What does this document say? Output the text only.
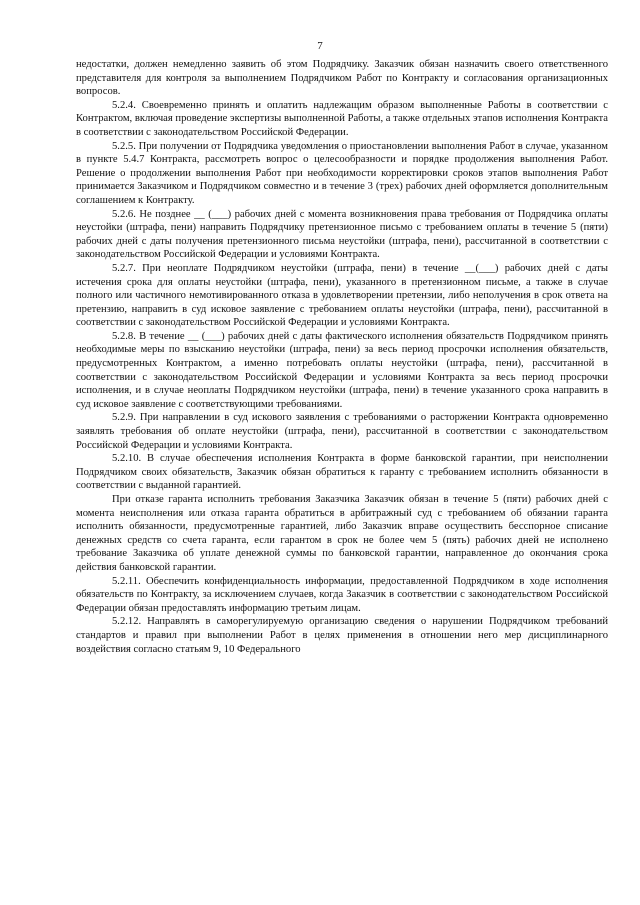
7

недостатки, должен немедленно заявить об этом Подрядчику. Заказчик обязан назначить своего ответственного представителя для контроля за выполнением Подрядчиком Работ по Контракту и согласования организационных вопросов.

5.2.4. Своевременно принять и оплатить надлежащим образом выполненные Работы в соответствии с Контрактом, включая проведение экспертизы выполненной Работы, а также отдельных этапов исполнения Контракта в соответствии с законодательством Российской Федерации.

5.2.5. При получении от Подрядчика уведомления о приостановлении выполнения Работ в случае, указанном в пункте 5.4.7 Контракта, рассмотреть вопрос о целесообразности и порядке продолжения выполнения Работ. Решение о продолжении выполнения Работ при необходимости корректировки сроков этапов выполнения Работ принимается Заказчиком и Подрядчиком совместно и в течение 3 (трех) рабочих дней оформляется дополнительным соглашением к Контракту.

5.2.6. Не позднее __ (___) рабочих дней с момента возникновения права требования от Подрядчика оплаты неустойки (штрафа, пени) направить Подрядчику претензионное письмо с требованием оплаты в течение 5 (пяти) рабочих дней с даты получения претензионного письма неустойки (штрафа, пени), рассчитанной в соответствии с законодательством Российской Федерации и условиями Контракта.

5.2.7. При неоплате Подрядчиком неустойки (штрафа, пени) в течение __(___) рабочих дней с даты истечения срока для оплаты неустойки (штрафа, пени), указанного в претензионном письме, а также в случае полного или частичного немотивированного отказа в удовлетворении претензии, либо неполучения в срок ответа на претензию, направить в суд исковое заявление с требованием оплаты неустойки (штрафа, пени), рассчитанной в соответствии с законодательством Российской Федерации и условиями Контракта.

5.2.8. В течение __ (___) рабочих дней с даты фактического исполнения обязательств Подрядчиком принять необходимые меры по взысканию неустойки (штрафа, пени) за весь период просрочки исполнения обязательств, предусмотренных Контрактом, а именно потребовать оплаты неустойки (штрафа, пени), рассчитанной в соответствии с законодательством Российской Федерации и условиями Контракта за весь период просрочки исполнения, и в случае неоплаты Подрядчиком неустойки (штрафа, пени) в течение указанного срока направить в суд исковое заявление с соответствующими требованиями.

5.2.9. При направлении в суд искового заявления с требованиями о расторжении Контракта одновременно заявлять требования об оплате неустойки (штрафа, пени), рассчитанной в соответствии с законодательством Российской Федерации и условиями Контракта.

5.2.10. В случае обеспечения исполнения Контракта в форме банковской гарантии, при неисполнении Подрядчиком своих обязательств, Заказчик обязан обратиться к гаранту с требованием исполнить обязанности в соответствии с выданной гарантией.

При отказе гаранта исполнить требования Заказчика Заказчик обязан в течение 5 (пяти) рабочих дней с момента неисполнения или отказа гаранта обратиться в арбитражный суд с требованием об обязании гаранта исполнить обязанности, предусмотренные гарантией, либо Заказчик вправе осуществить бесспорное списание денежных средств со счета гаранта, если гарантом в срок не более чем 5 (пять) рабочих дней не исполнено требование Заказчика об уплате денежной суммы по банковской гарантии, направленное до окончания срока действия банковской гарантии.

5.2.11. Обеспечить конфиденциальность информации, предоставленной Подрядчиком в ходе исполнения обязательств по Контракту, за исключением случаев, когда Заказчик в соответствии с законодательством Российской Федерации обязан предоставлять информацию третьим лицам.

5.2.12. Направлять в саморегулируемую организацию сведения о нарушении Подрядчиком требований стандартов и правил при выполнении Работ в целях применения в отношении него мер дисциплинарного воздействия согласно статьям 9, 10 Федерального
